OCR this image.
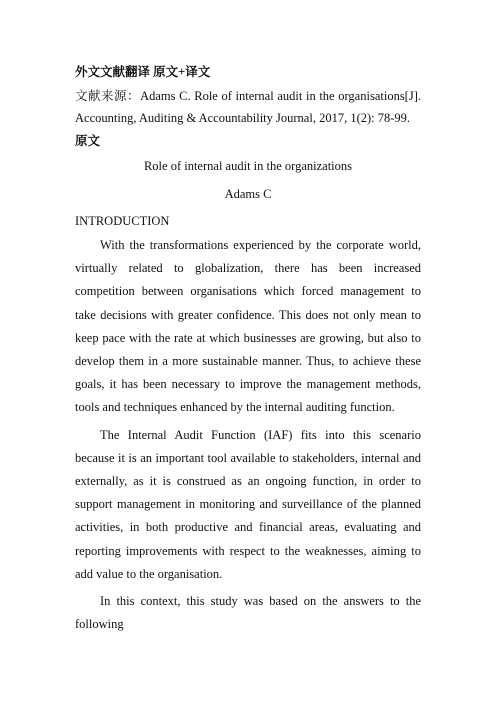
外文文献翻译 原文+译文

文献来源：Adams C. Role of internal audit in the organisations[J]. Accounting, Auditing & Accountability Journal, 2017, 1(2): 78-99.

原文

Role of internal audit in the organizations

Adams C

INTRODUCTION

With the transformations experienced by the corporate world, virtually related to globalization, there has been increased competition between organisations which forced management to take decisions with greater confidence. This does not only mean to keep pace with the rate at which businesses are growing, but also to develop them in a more sustainable manner. Thus, to achieve these goals, it has been necessary to improve the management methods, tools and techniques enhanced by the internal auditing function.

The Internal Audit Function (IAF) fits into this scenario because it is an important tool available to stakeholders, internal and externally, as it is construed as an ongoing function, in order to support management in monitoring and surveillance of the planned activities, in both productive and financial areas, evaluating and reporting improvements with respect to the weaknesses, aiming to add value to the organisation.

In this context, this study was based on the answers to the following
